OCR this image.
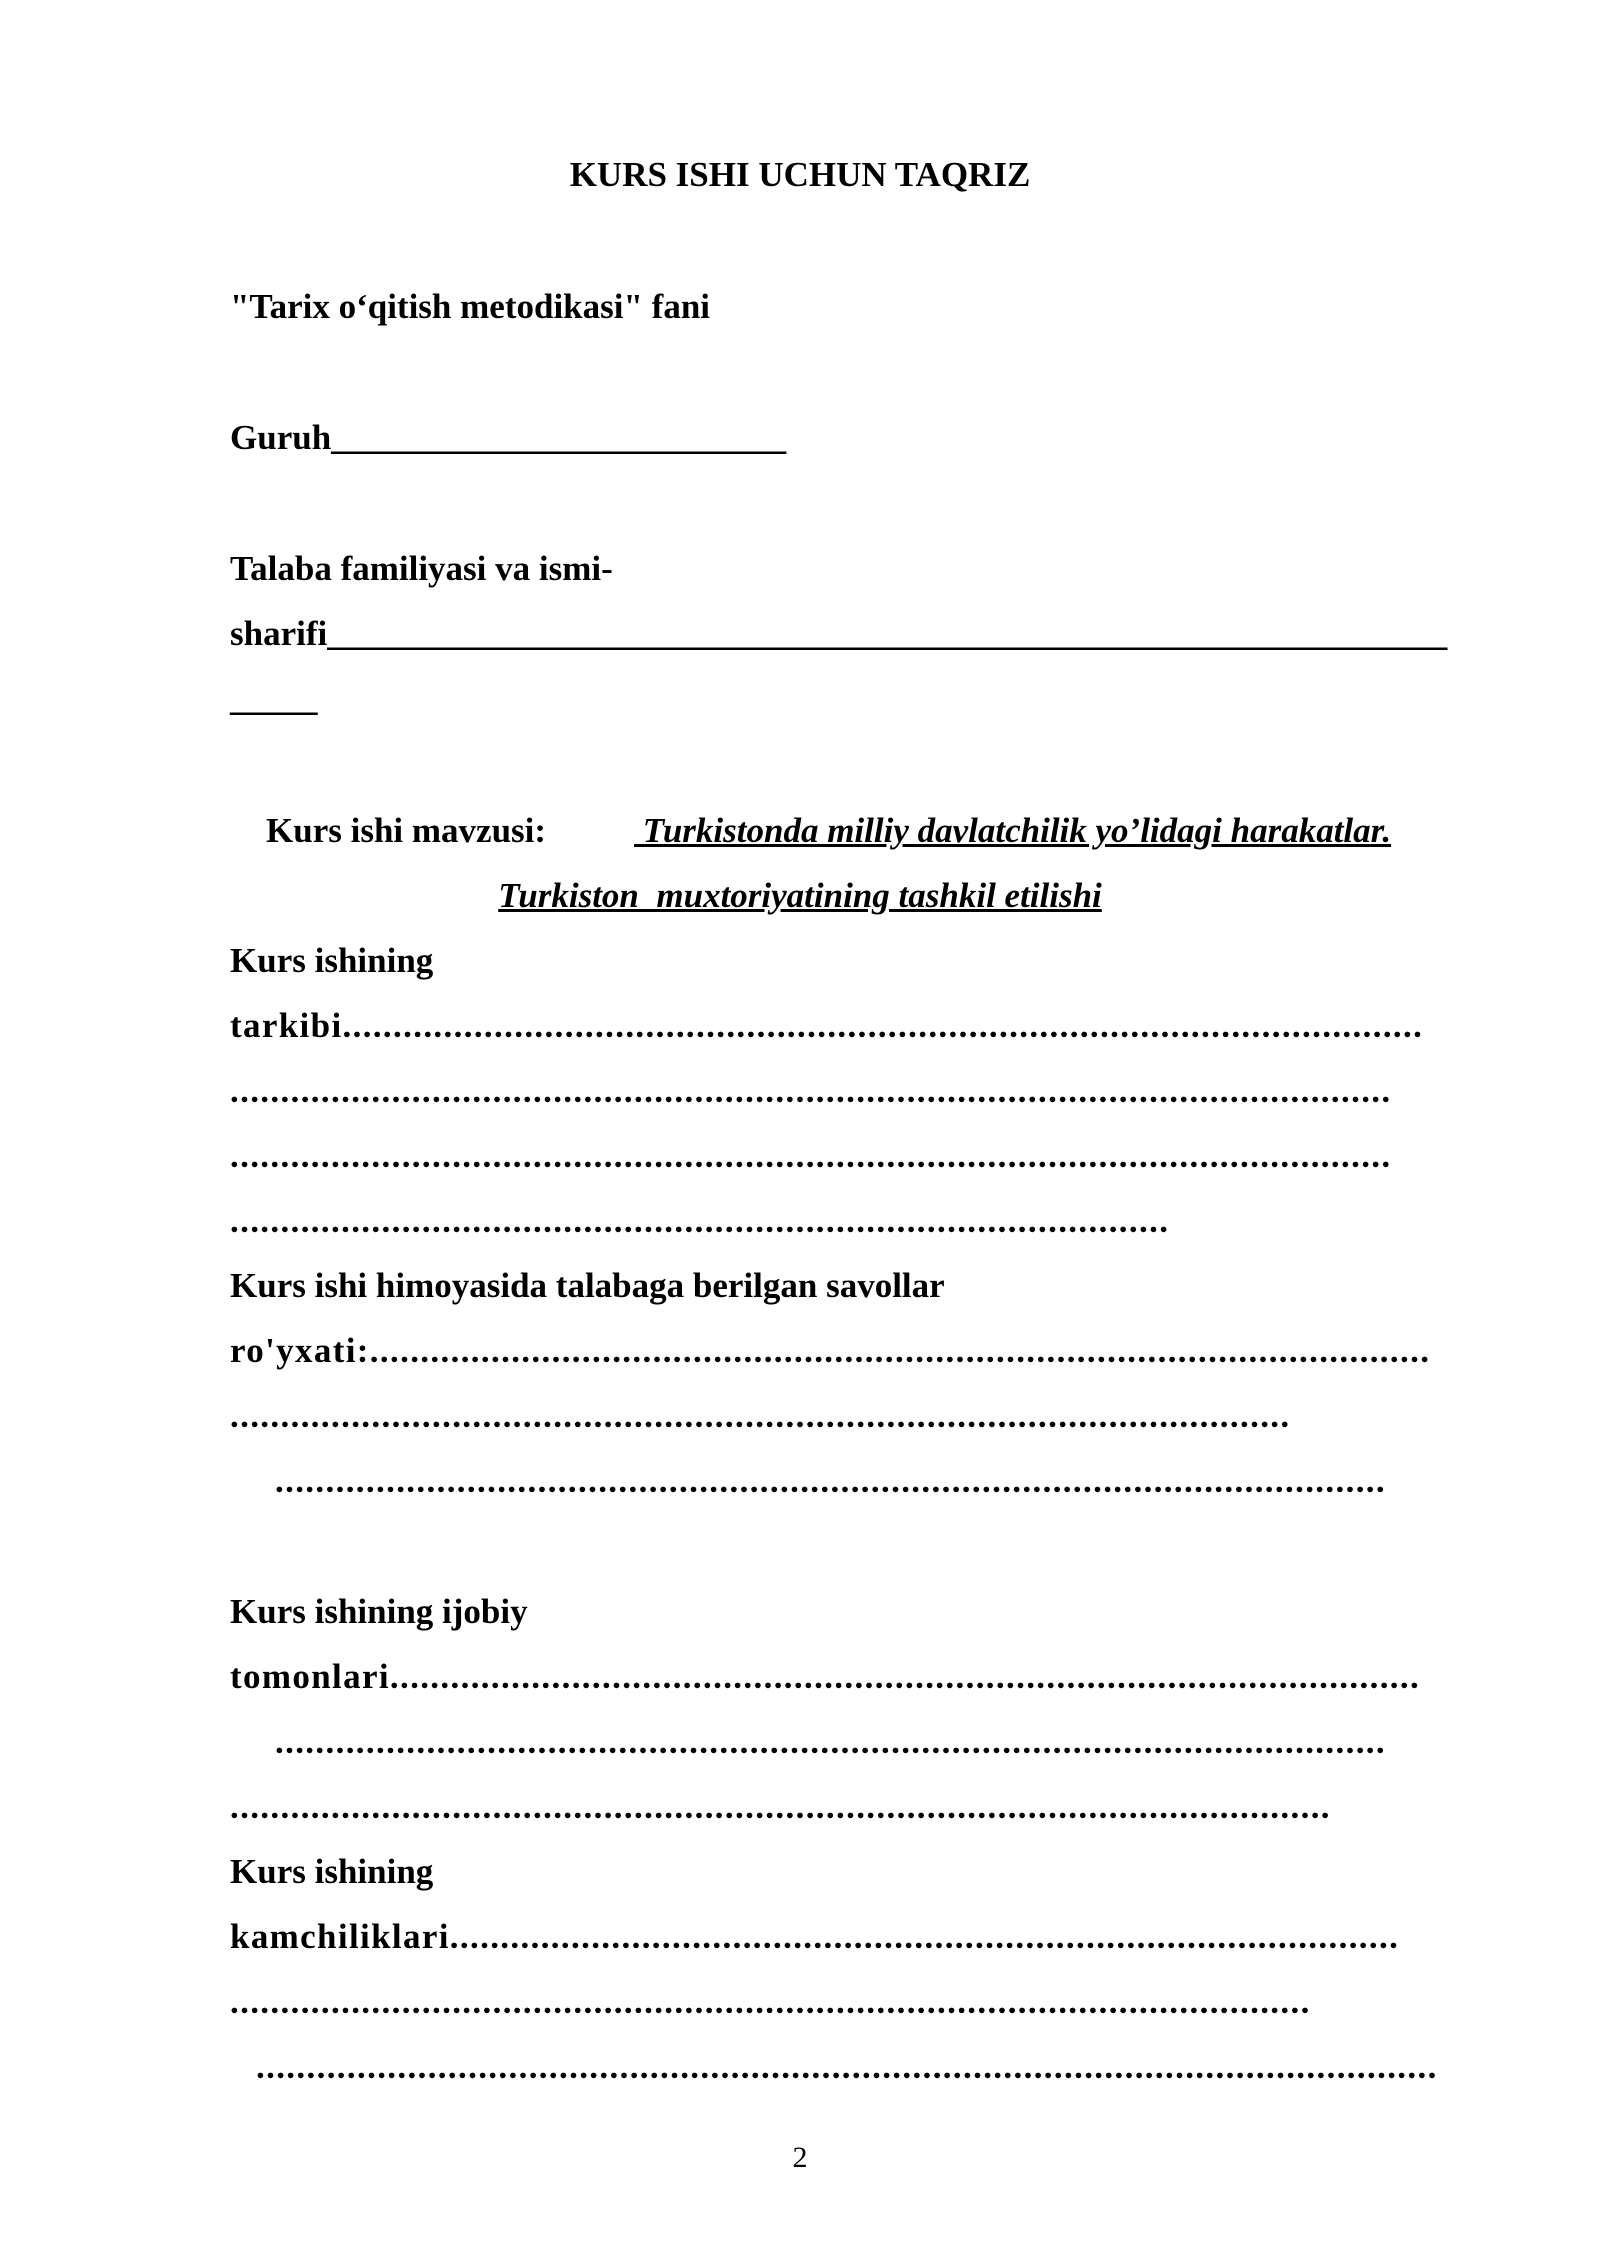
KURS ISHI UCHUN TAQRIZ
"Tarix o‘qitish metodikasi" fani
Guruh__________________________
Talaba familiyasi va ismi-
sharifi________________________________________________________________
_____
Kurs ishi mavzusi:	Turkistonda milliy davlatchilik yo’lidagi harakatlar.
Turkiston  muxtoriyatining tashkil etilishi
Kurs ishining
tarkibi...........................................................................................................
...................................................................................................................
...................................................................................................................
.............................................................................................
Kurs ishi himoyasida talabaga berilgan savollar
ro'yxati:.........................................................................................................
.........................................................................................................
..............................................................................................................
Kurs ishining ijobiy
tomonlari......................................................................................................
..............................................................................................................
.............................................................................................................
Kurs ishining
kamchiliklari..............................................................................................
...........................................................................................................
.....................................................................................................................
2
